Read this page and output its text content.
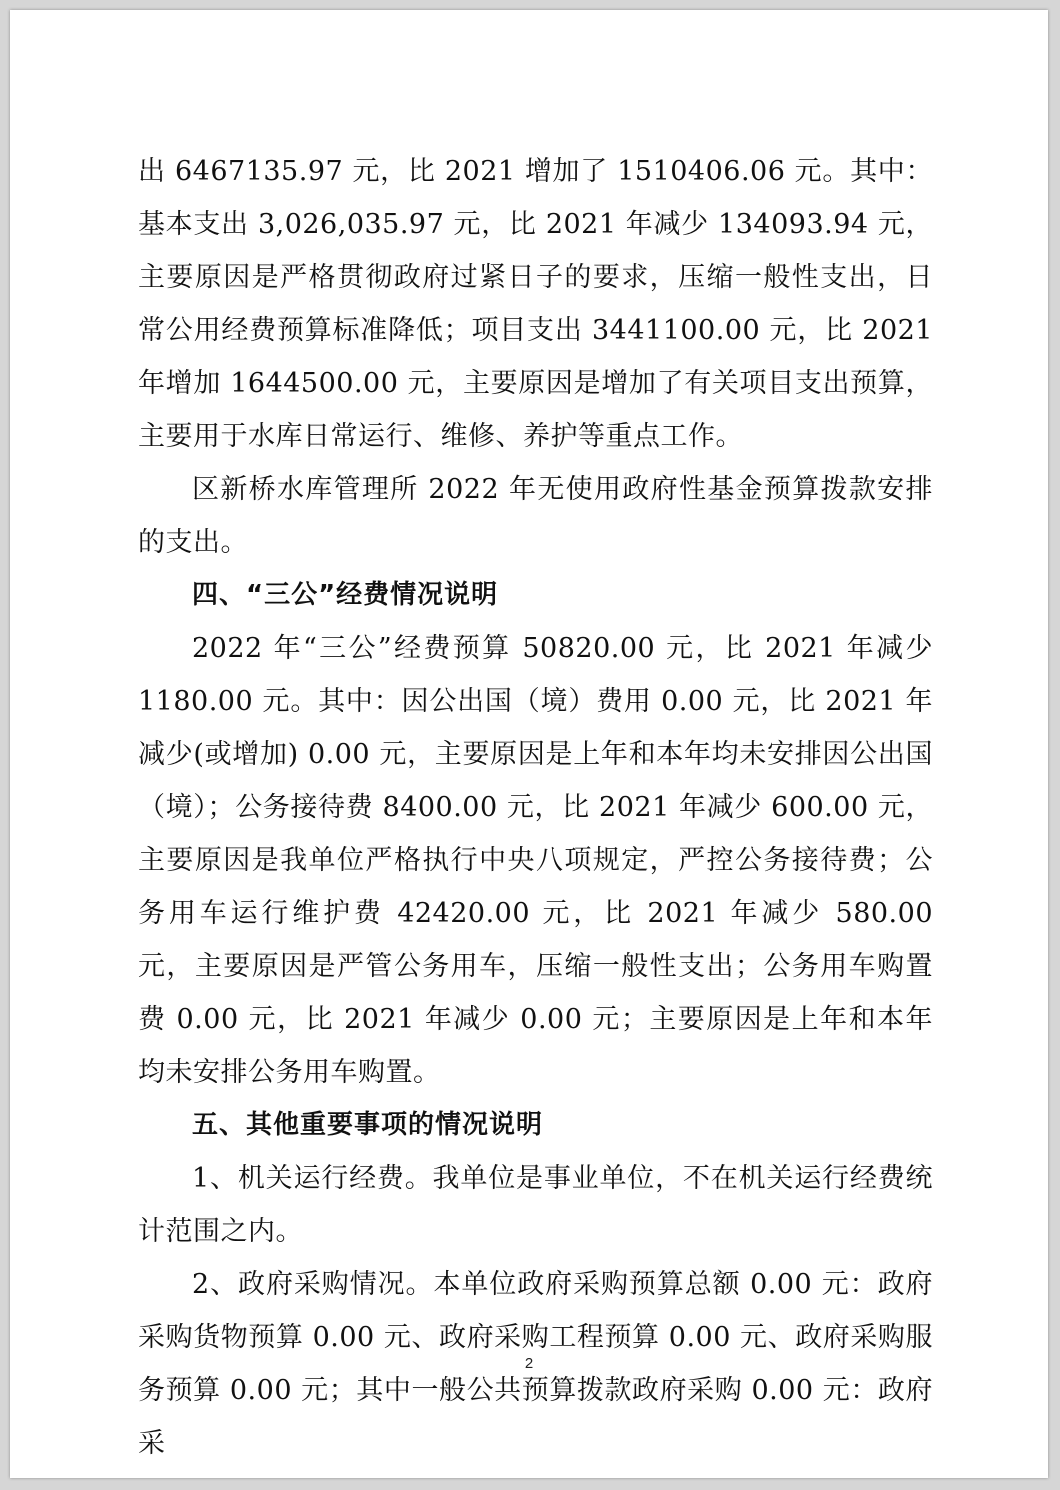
出 6467135.97 元，比 2021 增加了 1510406.06 元。其中：基本支出 3,026,035.97 元，比 2021 年减少 134093.94 元，主要原因是严格贯彻政府过紧日子的要求，压缩一般性支出，日常公用经费预算标准降低；项目支出 3441100.00 元，比 2021 年增加 1644500.00 元，主要原因是增加了有关项目支出预算，主要用于水库日常运行、维修、养护等重点工作。

区新桥水库管理所 2022 年无使用政府性基金预算拨款安排的支出。

四、“三公”经费情况说明

2022 年“三公”经费预算 50820.00 元，比 2021 年减少 1180.00 元。其中：因公出国（境）费用 0.00 元，比 2021 年减少(或增加) 0.00 元，主要原因是上年和本年均未安排因公出国（境）；公务接待费 8400.00 元，比 2021 年减少 600.00 元，主要原因是我单位严格执行中央八项规定，严控公务接待费；公务用车运行维护费 42420.00 元，比 2021 年减少 580.00 元，主要原因是严管公务用车，压缩一般性支出；公务用车购置费 0.00 元，比 2021 年减少 0.00 元；主要原因是上年和本年均未安排公务用车购置。

五、其他重要事项的情况说明

1、机关运行经费。我单位是事业单位，不在机关运行经费统计范围之内。

2、政府采购情况。本单位政府采购预算总额 0.00 元：政府采购货物预算 0.00 元、政府采购工程预算 0.00 元、政府采购服务预算 0.00 元；其中一般公共预算拨款政府采购 0.00 元：政府采

2
